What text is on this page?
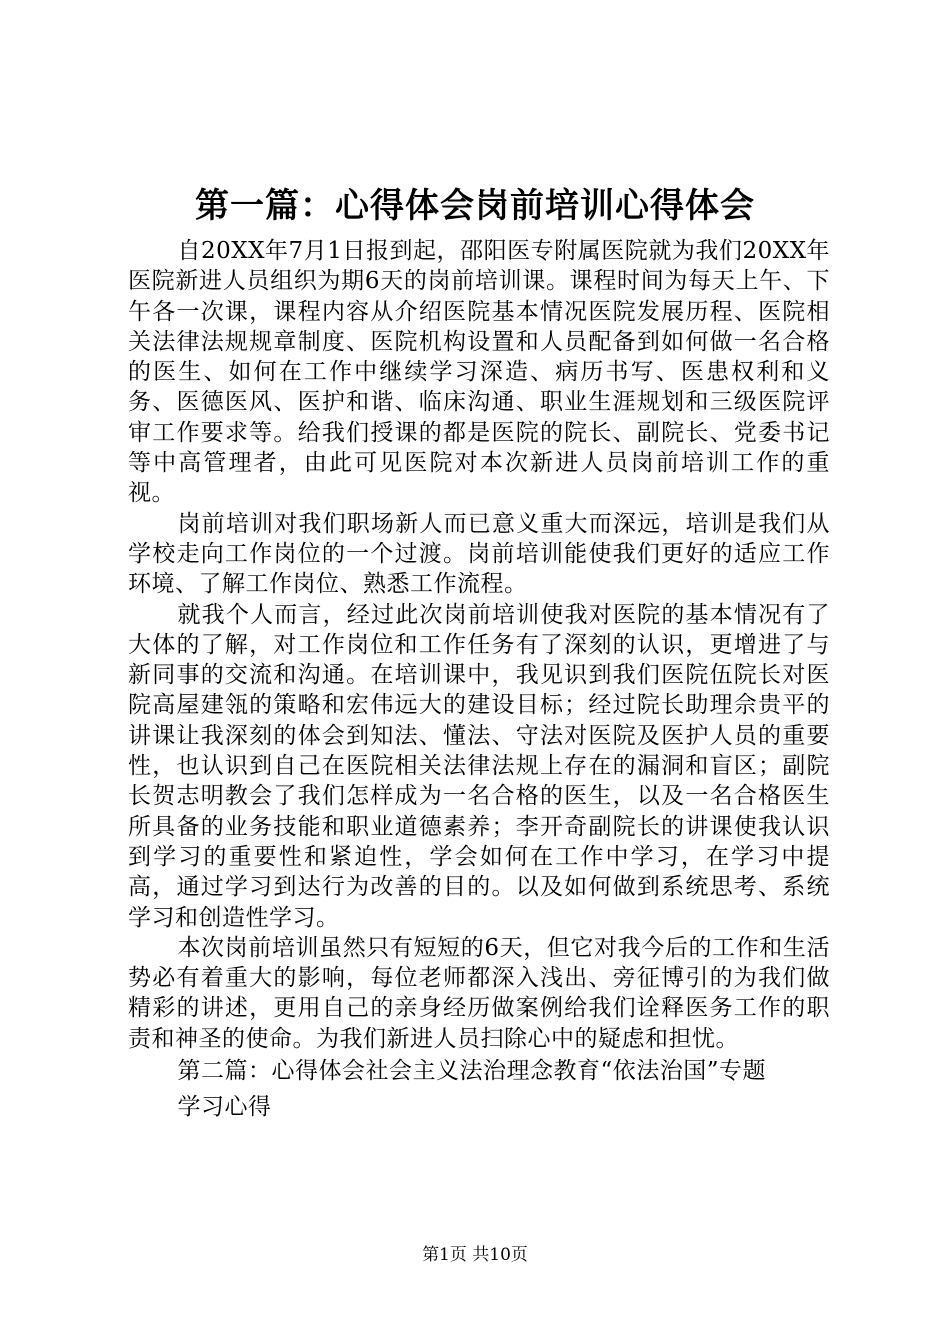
第一篇：心得体会岗前培训心得体会

自20XX年7月1日报到起，邵阳医专附属医院就为我们20XX年医院新进人员组织为期6天的岗前培训课。课程时间为每天上午、下午各一次课，课程内容从介绍医院基本情况医院发展历程、医院相关法律法规规章制度、医院机构设置和人员配备到如何做一名合格的医生、如何在工作中继续学习深造、病历书写、医患权利和义务、医德医风、医护和谐、临床沟通、职业生涯规划和三级医院评审工作要求等。给我们授课的都是医院的院长、副院长、党委书记等中高管理者，由此可见医院对本次新进人员岗前培训工作的重视。

岗前培训对我们职场新人而已意义重大而深远，培训是我们从学校走向工作岗位的一个过渡。岗前培训能使我们更好的适应工作环境、了解工作岗位、熟悉工作流程。

就我个人而言，经过此次岗前培训使我对医院的基本情况有了大体的了解，对工作岗位和工作任务有了深刻的认识，更增进了与新同事的交流和沟通。在培训课中，我见识到我们医院伍院长对医院高屋建瓴的策略和宏伟远大的建设目标；经过院长助理佘贵平的讲课让我深刻的体会到知法、懂法、守法对医院及医护人员的重要性，也认识到自己在医院相关法律法规上存在的漏洞和盲区；副院长贺志明教会了我们怎样成为一名合格的医生，以及一名合格医生所具备的业务技能和职业道德素养；李开奇副院长的讲课使我认识到学习的重要性和紧迫性，学会如何在工作中学习，在学习中提高，通过学习到达行为改善的目的。以及如何做到系统思考、系统学习和创造性学习。

本次岗前培训虽然只有短短的6天，但它对我今后的工作和生活势必有着重大的影响，每位老师都深入浅出、旁征博引的为我们做精彩的讲述，更用自己的亲身经历做案例给我们诠释医务工作的职责和神圣的使命。为我们新进人员扫除心中的疑虑和担忧。

第二篇：心得体会社会主义法治理念教育“依法治国”专题

学习心得

第1页 共10页
